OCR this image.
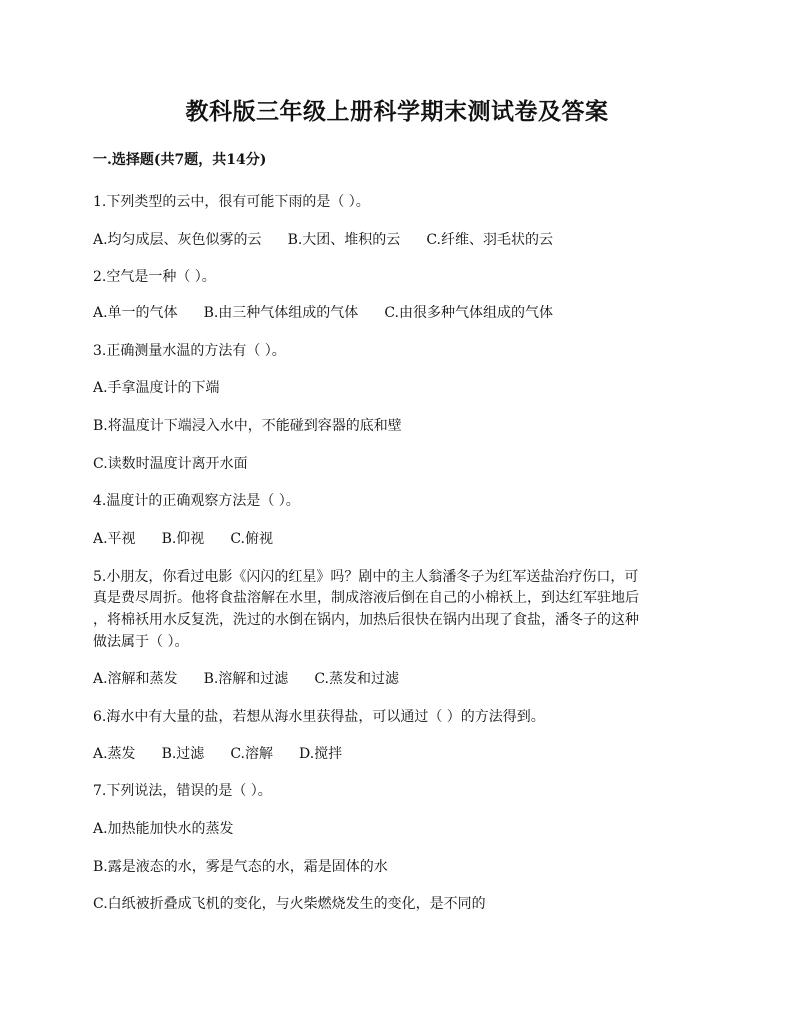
教科版三年级上册科学期末测试卷及答案
一.选择题(共7题，共14分)
1.下列类型的云中，很有可能下雨的是（ ）。
A.均匀成层、灰色似雾的云 B.大团、堆积的云 C.纤维、羽毛状的云
2.空气是一种（ ）。
A.单一的气体 B.由三种气体组成的气体 C.由很多种气体组成的气体
3.正确测量水温的方法有（ ）。
A.手拿温度计的下端
B.将温度计下端浸入水中，不能碰到容器的底和壁
C.读数时温度计离开水面
4.温度计的正确观察方法是（ ）。
A.平视 B.仰视 C.俯视
5.小朋友，你看过电影《闪闪的红星》吗？剧中的主人翁潘冬子为红军送盐治疗伤口，可
真是费尽周折。他将食盐溶解在水里，制成溶液后倒在自己的小棉袄上，到达红军驻地后
，将棉袄用水反复洗，洗过的水倒在锅内，加热后很快在锅内出现了食盐，潘冬子的这种
做法属于（ ）。
A.溶解和蒸发 B.溶解和过滤 C.蒸发和过滤
6.海水中有大量的盐，若想从海水里获得盐，可以通过（ ）的方法得到。
A.蒸发 B.过滤 C.溶解 D.搅拌
7.下列说法，错误的是（ ）。
A.加热能加快水的蒸发
B.露是液态的水，雾是气态的水，霜是固体的水
C.白纸被折叠成飞机的变化，与火柴燃烧发生的变化，是不同的
